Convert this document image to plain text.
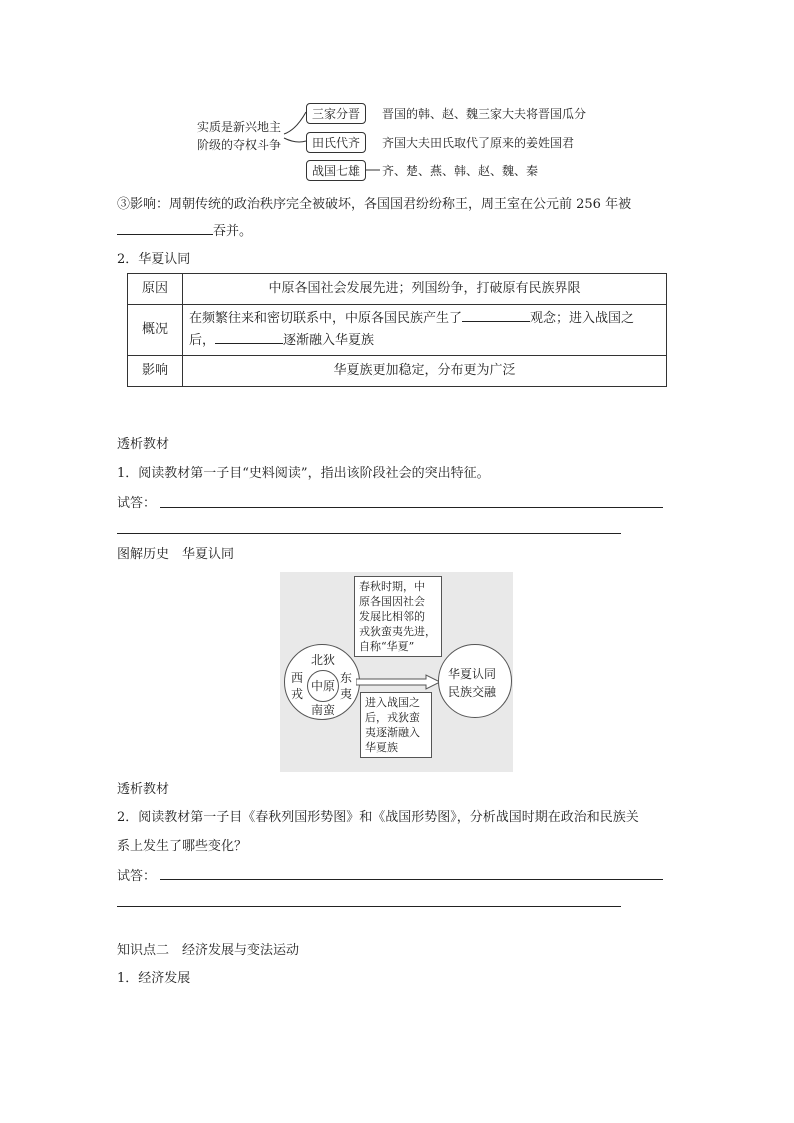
实质是新兴地主
阶级的夺权斗争
三家分晋	晋国的韩、赵、魏三家大夫将晋国瓜分
田氏代齐	齐国大夫田氏取代了原来的姜姓国君
战国七雄	齐、楚、燕、韩、赵、魏、秦
③影响：周朝传统的政治秩序完全被破坏，各国国君纷纷称王，周王室在公元前 256 年被
吞并。
2．华夏认同
原因	中原各国社会发展先进；列国纷争，打破原有民族界限
概况	在频繁往来和密切联系中，中原各国民族产生了 观念；进入战国之
后， 逐渐融入华夏族
影响	华夏族更加稳定，分布更为广泛
透析教材
1．阅读教材第一子目“史料阅读”，指出该阶段社会的突出特征。
试答：
图解历史　华夏认同
春秋时期，中
原各国因社会
发展比相邻的
戎狄蛮夷先进，
自称“华夏”
北狄
西
戎
东
夷
中原
南蛮
华夏认同
民族交融
进入战国之
后，戎狄蛮
夷逐渐融入
华夏族
透析教材
2．阅读教材第一子目《春秋列国形势图》和《战国形势图》，分析战国时期在政治和民族关
系上发生了哪些变化？
试答：
知识点二　经济发展与变法运动
1．经济发展
